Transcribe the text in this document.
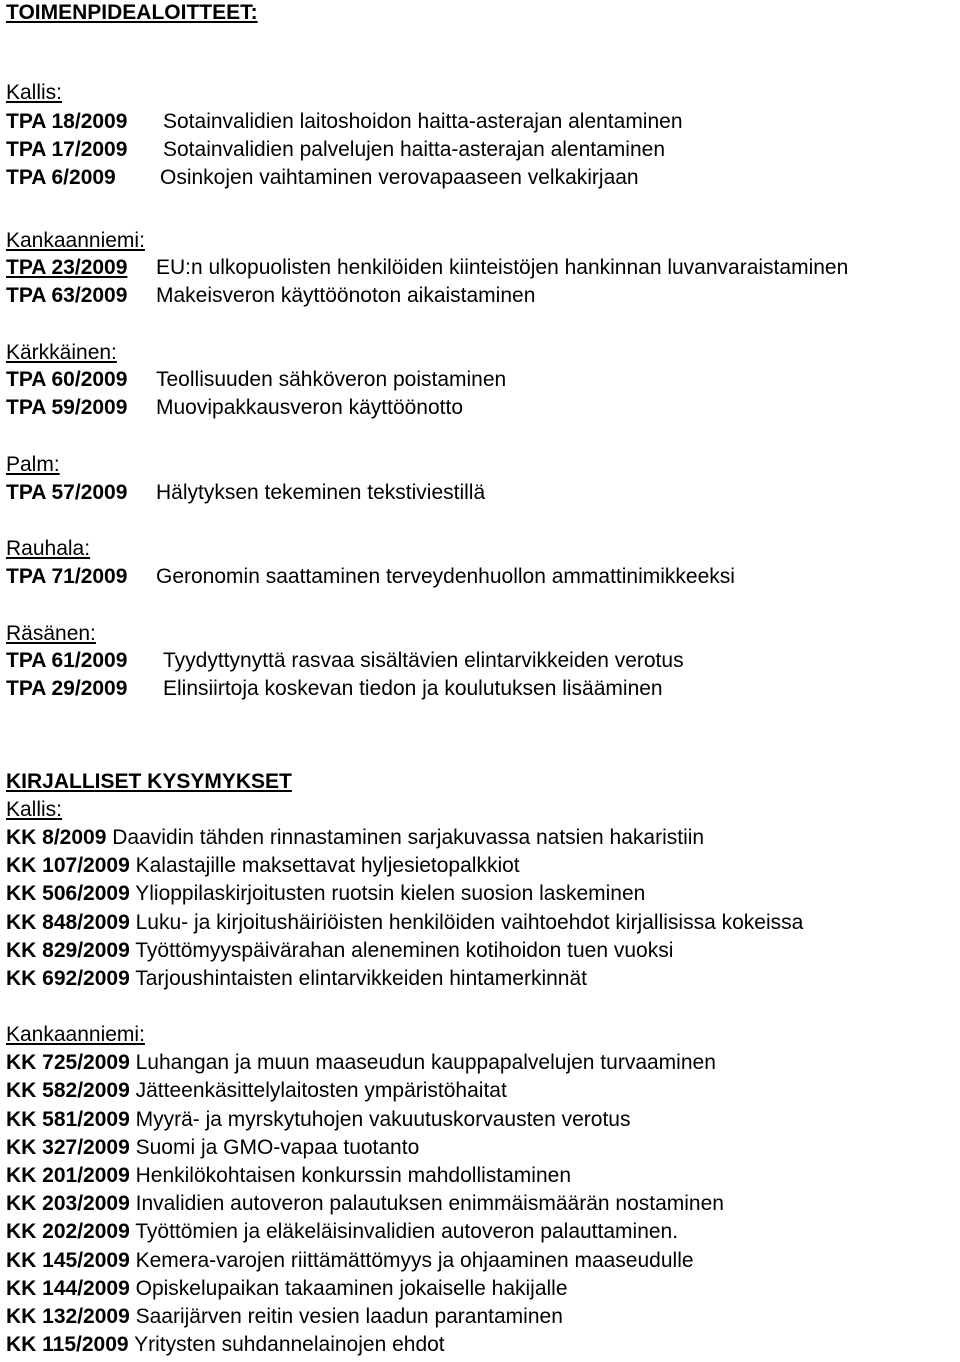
TOIMENPIDEALOITTEET:
Kallis:
TPA 18/2009 Sotainvalidien laitoshoidon haitta-asterajan alentaminen
TPA 17/2009 Sotainvalidien palvelujen haitta-asterajan alentaminen
TPA 6/2009 Osinkojen vaihtaminen verovapaaseen velkakirjaan
Kankaanniemi:
TPA 23/2009 EU:n ulkopuolisten henkilöiden kiinteistöjen hankinnan luvanvaraistaminen
TPA 63/2009 Makeisveron käyttöönoton aikaistaminen
Kärkkäinen:
TPA 60/2009 Teollisuuden sähköveron poistaminen
TPA 59/2009 Muovipakkausveron käyttöönotto
Palm:
TPA 57/2009 Hälytyksen tekeminen tekstiviestillä
Rauhala:
TPA 71/2009 Geronomin saattaminen terveydenhuollon ammattinimikkeeksi
Räsänen:
TPA 61/2009 Tyydyttynyttä rasvaa sisältävien elintarvikkeiden verotus
TPA 29/2009 Elinsiirtoja koskevan tiedon ja koulutuksen lisääminen
KIRJALLISET KYSYMYKSET
Kallis:
KK 8/2009 Daavidin tähden rinnastaminen sarjakuvassa natsien hakaristiin
KK 107/2009 Kalastajille maksettavat hyljesietopalkkiot
KK 506/2009 Ylioppilaskirjoitusten ruotsin kielen suosion laskeminen
KK 848/2009 Luku- ja kirjoitushäiriöisten henkilöiden vaihtoehdot kirjallisissa kokeissa
KK 829/2009 Työttömyyspäivärahan aleneminen kotihoidon tuen vuoksi
KK 692/2009 Tarjoushintaisten elintarvikkeiden hintamerkinnät
Kankaanniemi:
KK 725/2009 Luhangan ja muun maaseudun kauppapalvelujen turvaaminen
KK 582/2009 Jätteenkäsittelylaitosten ympäristöhaitat
KK 581/2009 Myyrä- ja myrskytuhojen vakuutuskorvausten verotus
KK 327/2009 Suomi ja GMO-vapaa tuotanto
KK 201/2009 Henkilökohtaisen konkurssin mahdollistaminen
KK 203/2009 Invalidien autoveron palautuksen enimmäismäärän nostaminen
KK 202/2009 Työttömien ja eläkeläisinvalidien autoveron palauttaminen.
KK 145/2009 Kemera-varojen riittämättömyys ja ohjaaminen maaseudulle
KK 144/2009 Opiskelupaikan takaaminen jokaiselle hakijalle
KK 132/2009 Saarijärven reitin vesien laadun parantaminen
KK 115/2009 Yritysten suhdannelainojen ehdot
